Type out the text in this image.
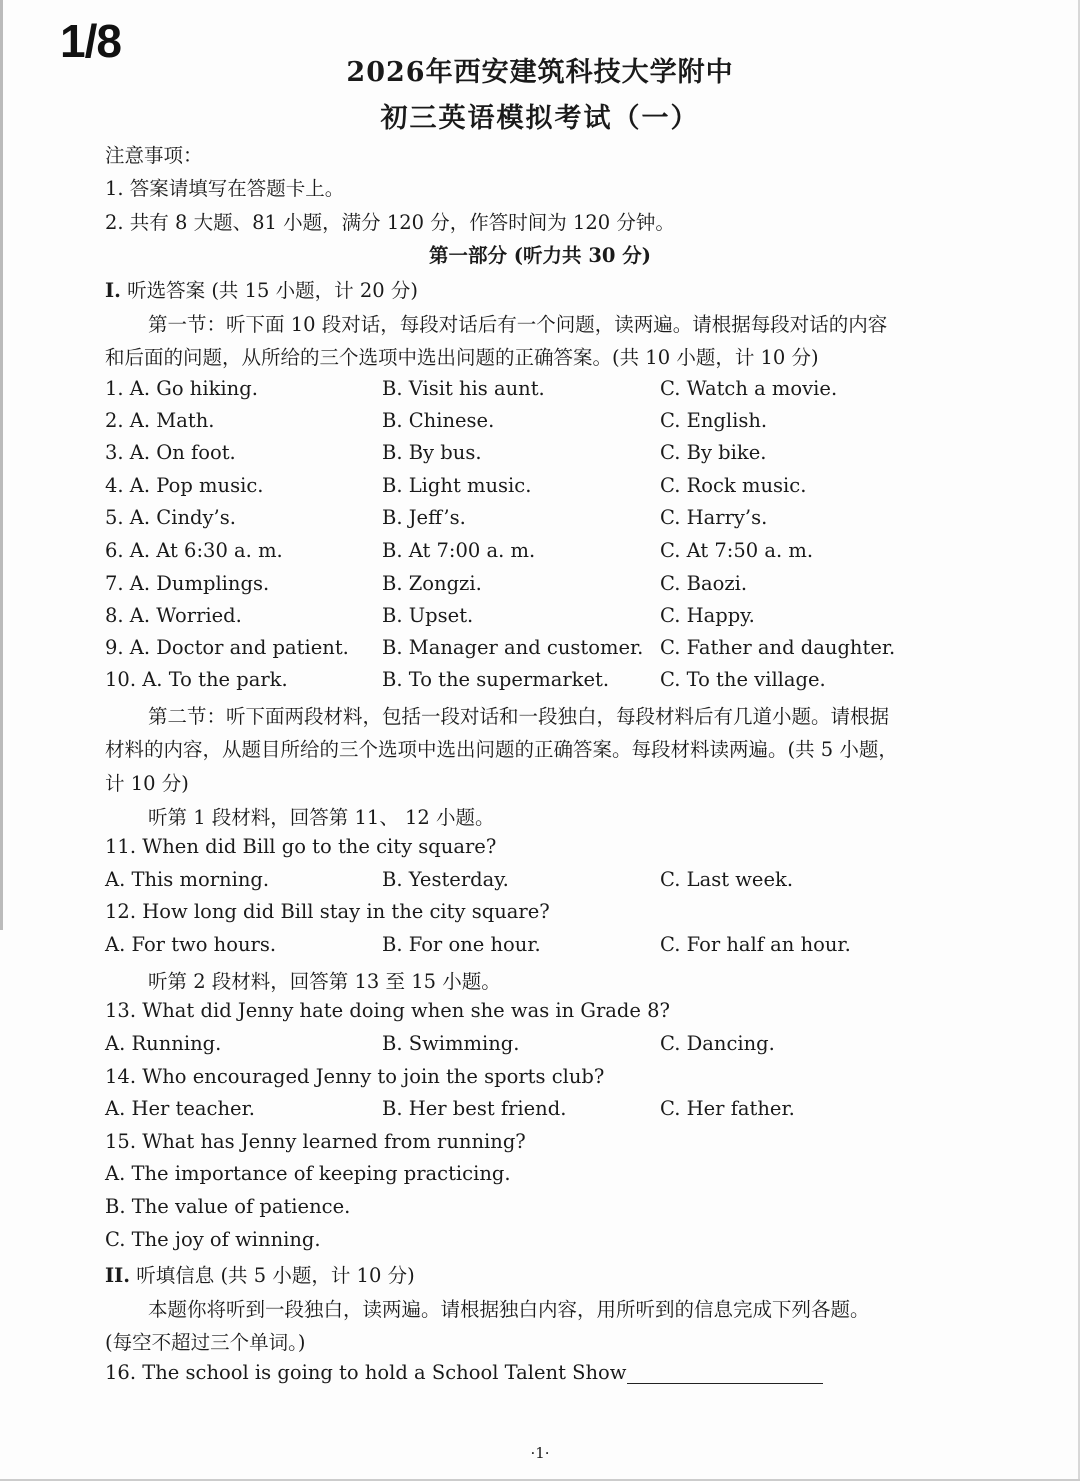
1/8
2026年西安建筑科技大学附中
初三英语模拟考试（一）
注意事项：
1. 答案请填写在答题卡上。
2. 共有 8 大题、81 小题，满分 120 分，作答时间为 120 分钟。
第一部分 (听力共 30 分)
I. 听选答案 (共 15 小题，计 20 分)
第一节：听下面 10 段对话，每段对话后有一个问题，读两遍。请根据每段对话的内容
和后面的问题，从所给的三个选项中选出问题的正确答案。(共 10 小题，计 10 分)
1. A. Go hiking.	B. Visit his aunt.	C. Watch a movie.
2. A. Math.	B. Chinese.	C. English.
3. A. On foot.	B. By bus.	C. By bike.
4. A. Pop music.	B. Light music.	C. Rock music.
5. A. Cindy’s.	B. Jeff’s.	C. Harry’s.
6. A. At 6:30 a. m.	B. At 7:00 a. m.	C. At 7:50 a. m.
7. A. Dumplings.	B. Zongzi.	C. Baozi.
8. A. Worried.	B. Upset.	C. Happy.
9. A. Doctor and patient. B. Manager and customer. C. Father and daughter.
10. A. To the park.	B. To the supermarket.	C. To the village.
第二节：听下面两段材料，包括一段对话和一段独白，每段材料后有几道小题。请根据
材料的内容，从题目所给的三个选项中选出问题的正确答案。每段材料读两遍。(共 5 小题，
计 10 分)
听第 1 段材料，回答第 11、 12 小题。
11. When did Bill go to the city square?
A. This morning.	B. Yesterday.	C. Last week.
12. How long did Bill stay in the city square?
A. For two hours.	B. For one hour.	C. For half an hour.
听第 2 段材料，回答第 13 至 15 小题。
13. What did Jenny hate doing when she was in Grade 8?
A. Running.	B. Swimming.	C. Dancing.
14. Who encouraged Jenny to join the sports club?
A. Her teacher.	B. Her best friend.	C. Her father.
15. What has Jenny learned from running?
A. The importance of keeping practicing.
B. The value of patience.
C. The joy of winning.
II. 听填信息 (共 5 小题，计 10 分)
本题你将听到一段独白，读两遍。请根据独白内容，用所听到的信息完成下列各题。
(每空不超过三个单词。)
16. The school is going to hold a School Talent Show
·1·
